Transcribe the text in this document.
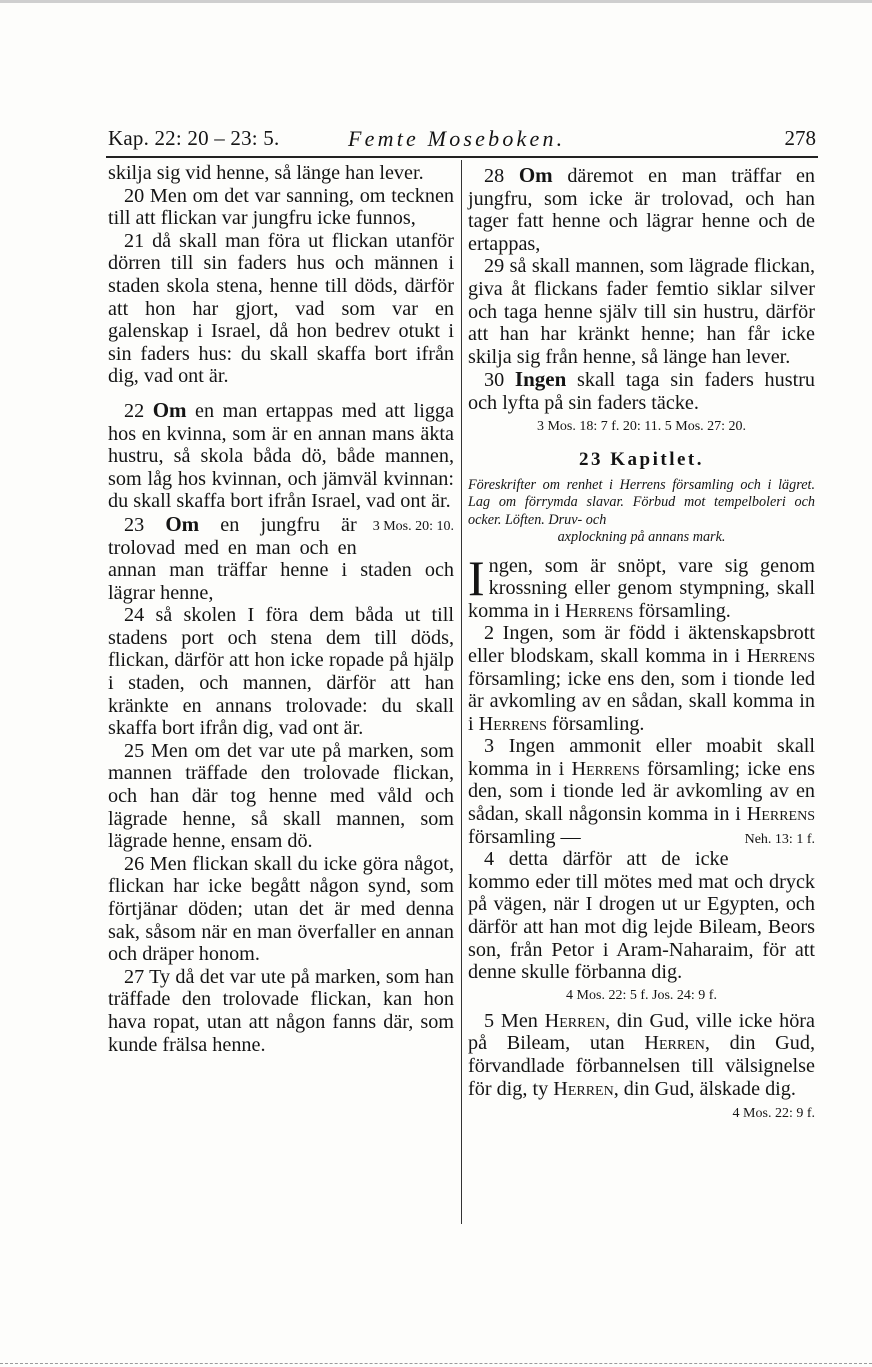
Kap. 22: 20 – 23: 5.	Femte Moseboken.	278

skilja sig vid henne, så länge han lever.

20 Men om det var sanning, om tecknen till att flickan var jungfru icke funnos,

21 då skall man föra ut flickan utanför dörren till sin faders hus och männen i staden skola stena, henne till döds, därför att hon har gjort, vad som var en galenskap i Israel, då hon bedrev otukt i sin faders hus: du skall skaffa bort ifrån dig, vad ont är.

22 Om en man ertappas med att ligga hos en kvinna, som är en annan mans äkta hustru, så skola båda dö, både mannen, som låg hos kvinnan, och jämväl kvinnan: du skall skaffa bort ifrån Israel, vad ont är.
3 Mos. 20: 10.

23 Om en jungfru är trolovad med en man och en annan man träffar henne i staden och lägrar henne,

24 så skolen I föra dem båda ut till stadens port och stena dem till döds, flickan, därför att hon icke ropade på hjälp i staden, och mannen, därför att han kränkte en annans trolovade: du skall skaffa bort ifrån dig, vad ont är.

25 Men om det var ute på marken, som mannen träffade den trolovade flickan, och han där tog henne med våld och lägrade henne, så skall mannen, som lägrade henne, ensam dö.

26 Men flickan skall du icke göra något, flickan har icke begått någon synd, som förtjänar döden; utan det är med denna sak, såsom när en man överfaller en annan och dräper honom.

27 Ty då det var ute på marken, som han träffade den trolovade flickan, kan hon hava ropat, utan att någon fanns där, som kunde frälsa henne.

28 Om däremot en man träffar en jungfru, som icke är trolovad, och han tager fatt henne och lägrar henne och de ertappas,

29 så skall mannen, som lägrade flickan, giva åt flickans fader femtio siklar silver och taga henne själv till sin hustru, därför att han har kränkt henne; han får icke skilja sig från henne, så länge han lever.

30 Ingen skall taga sin faders hustru och lyfta på sin faders täcke.

3 Mos. 18: 7 f. 20: 11. 5 Mos. 27: 20.

23 Kapitlet.

Föreskrifter om renhet i Herrens församling och i lägret. Lag om förrymda slavar. Förbud mot tempelboleri och ocker. Löften. Druv- och

axplockning på annans mark.

Ingen, som är snöpt, vare sig genom krossning eller genom stympning, skall komma in i Herrens församling.

2 Ingen, som är född i äktenskapsbrott eller blodskam, skall komma in i Herrens församling; icke ens den, som i tionde led är avkomling av en sådan, skall komma in i Herrens församling.

3 Ingen ammonit eller moabit skall komma in i Herrens församling; icke ens den, som i tionde led är avkomling av en sådan, skall någonsin komma in i Herrens församling —	Neh. 13: 1 f.

4 detta därför att de icke kommo eder till mötes med mat och dryck på vägen, när I drogen ut ur Egypten, och därför att han mot dig lejde Bileam, Beors son, från Petor i Aram-Naharaim, för att denne skulle förbanna dig.

4 Mos. 22: 5 f. Jos. 24: 9 f.

5 Men Herren, din Gud, ville icke höra på Bileam, utan Herren, din Gud, förvandlade förbannelsen till välsignelse för dig, ty Herren, din Gud, älskade dig.
4 Mos. 22: 9 f.
